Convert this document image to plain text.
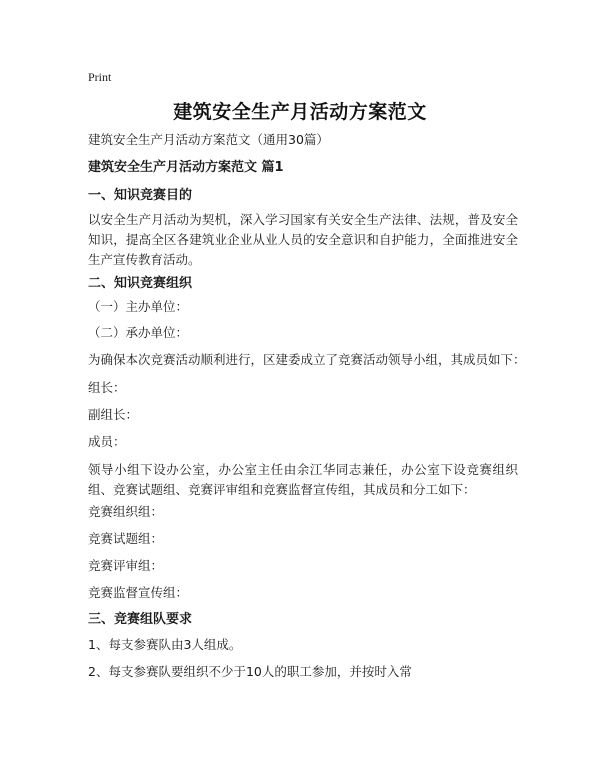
Print
建筑安全生产月活动方案范文
建筑安全生产月活动方案范文（通用30篇）
建筑安全生产月活动方案范文 篇1
一、知识竞赛目的
以安全生产月活动为契机，深入学习国家有关安全生产法律、法规，普及安全知识，提高全区各建筑业企业从业人员的安全意识和自护能力，全面推进安全生产宣传教育活动。
二、知识竞赛组织
（一）主办单位：
（二）承办单位：
为确保本次竞赛活动顺利进行，区建委成立了竞赛活动领导小组，其成员如下：
组长：
副组长：
成员：
领导小组下设办公室，办公室主任由余江华同志兼任，办公室下设竞赛组织组、竞赛试题组、竞赛评审组和竞赛监督宣传组，其成员和分工如下：
竞赛组织组：
竞赛试题组：
竞赛评审组：
竞赛监督宣传组：
三、竞赛组队要求
1、每支参赛队由3人组成。
2、每支参赛队要组织不少于10人的职工参加，并按时入常
